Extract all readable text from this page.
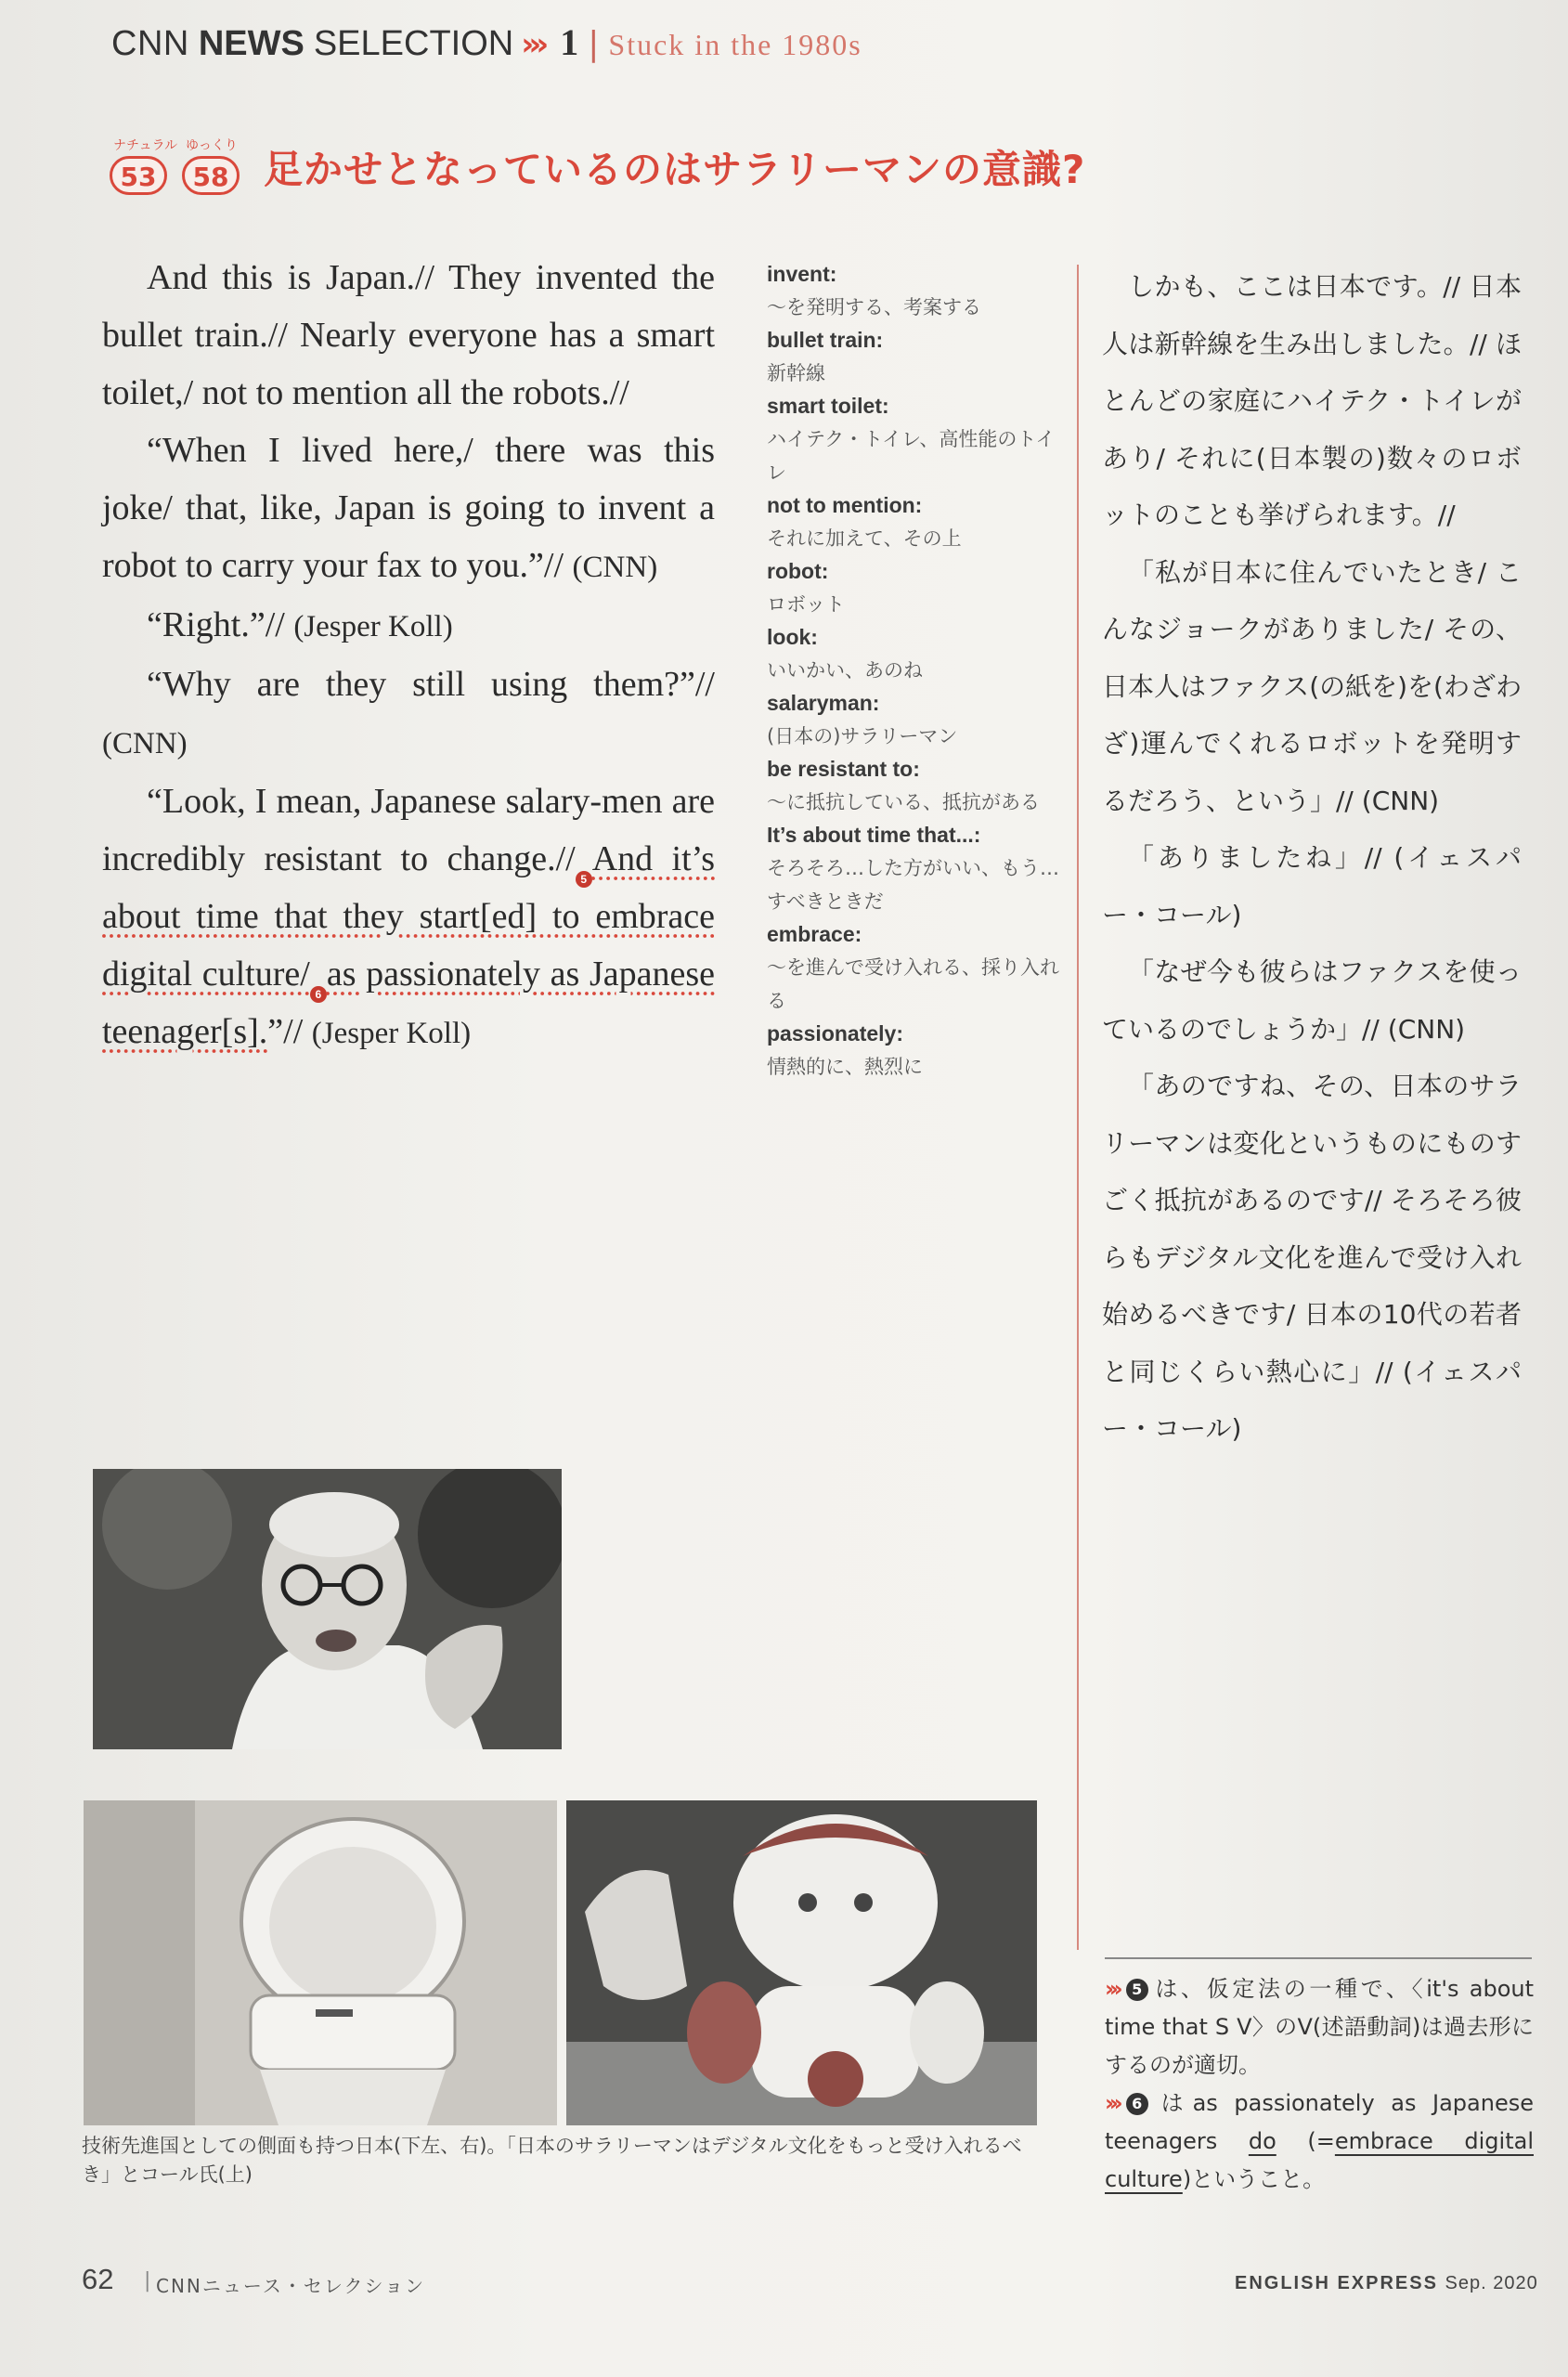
CNN NEWS SELECTION ››› 1 | Stuck in the 1980s
ナチュラル
53
ゆっくり
58 足かせとなっているのはサラリーマンの意識?

And this is Japan.// They invented the bullet train.// Nearly everyone has a smart toilet,/ not to mention all the robots.//

“When I lived here,/ there was this joke/ that, like, Japan is going to invent a robot to carry your fax to you.”// (CNN)

“Right.”// (Jesper Koll)

“Why are they still using them?”// (CNN)

“Look, I mean, Japanese salary-men are incredibly resistant to change.//5And it’s about time that they start[ed] to embrace digital culture/6as passionately as Japanese teenager[s].”// (Jesper Koll)

invent:
〜を発明する、考案する
bullet train:
新幹線
smart toilet:
ハイテク・トイレ、高性能のトイレ
not to mention:
それに加えて、その上
robot:
ロボット
look:
いいかい、あのね
salaryman:
(日本の)サラリーマン
be resistant to:
〜に抵抗している、抵抗がある
It’s about time that...:
そろそろ…した方がいい、もう…すべきときだ
embrace:
〜を進んで受け入れる、採り入れる
passionately:
情熱的に、熱烈に

しかも、ここは日本です。// 日本人は新幹線を生み出しました。// ほとんどの家庭にハイテク・トイレがあり/ それに(日本製の)数々のロボットのことも挙げられます。//

「私が日本に住んでいたとき/ こんなジョークがありました/ その、日本人はファクス(の紙を)を(わざわざ)運んでくれるロボットを発明するだろう、という」// (CNN)

「ありましたね」// (イェスパー・コール)

「なぜ今も彼らはファクスを使っているのでしょうか」// (CNN)

「あのですね、その、日本のサラリーマンは変化というものにものすごく抵抗があるのです// そろそろ彼らもデジタル文化を進んで受け入れ始めるべきです/ 日本の10代の若者と同じくらい熱心に」// (イェスパー・コール)

››› 5 は、仮定法の一種で、〈it's about time that S V〉のV(述語動詞)は過去形にするのが適切。

››› 6 はas passionately as Japanese teenagers do (=embrace digital culture)ということ。

技術先進国としての側面も持つ日本(下左、右)。「日本のサラリーマンはデジタル文化をもっと受け入れるべき」とコール氏(上)
62 | CNNニュース・セレクション	ENGLISH EXPRESS Sep. 2020
